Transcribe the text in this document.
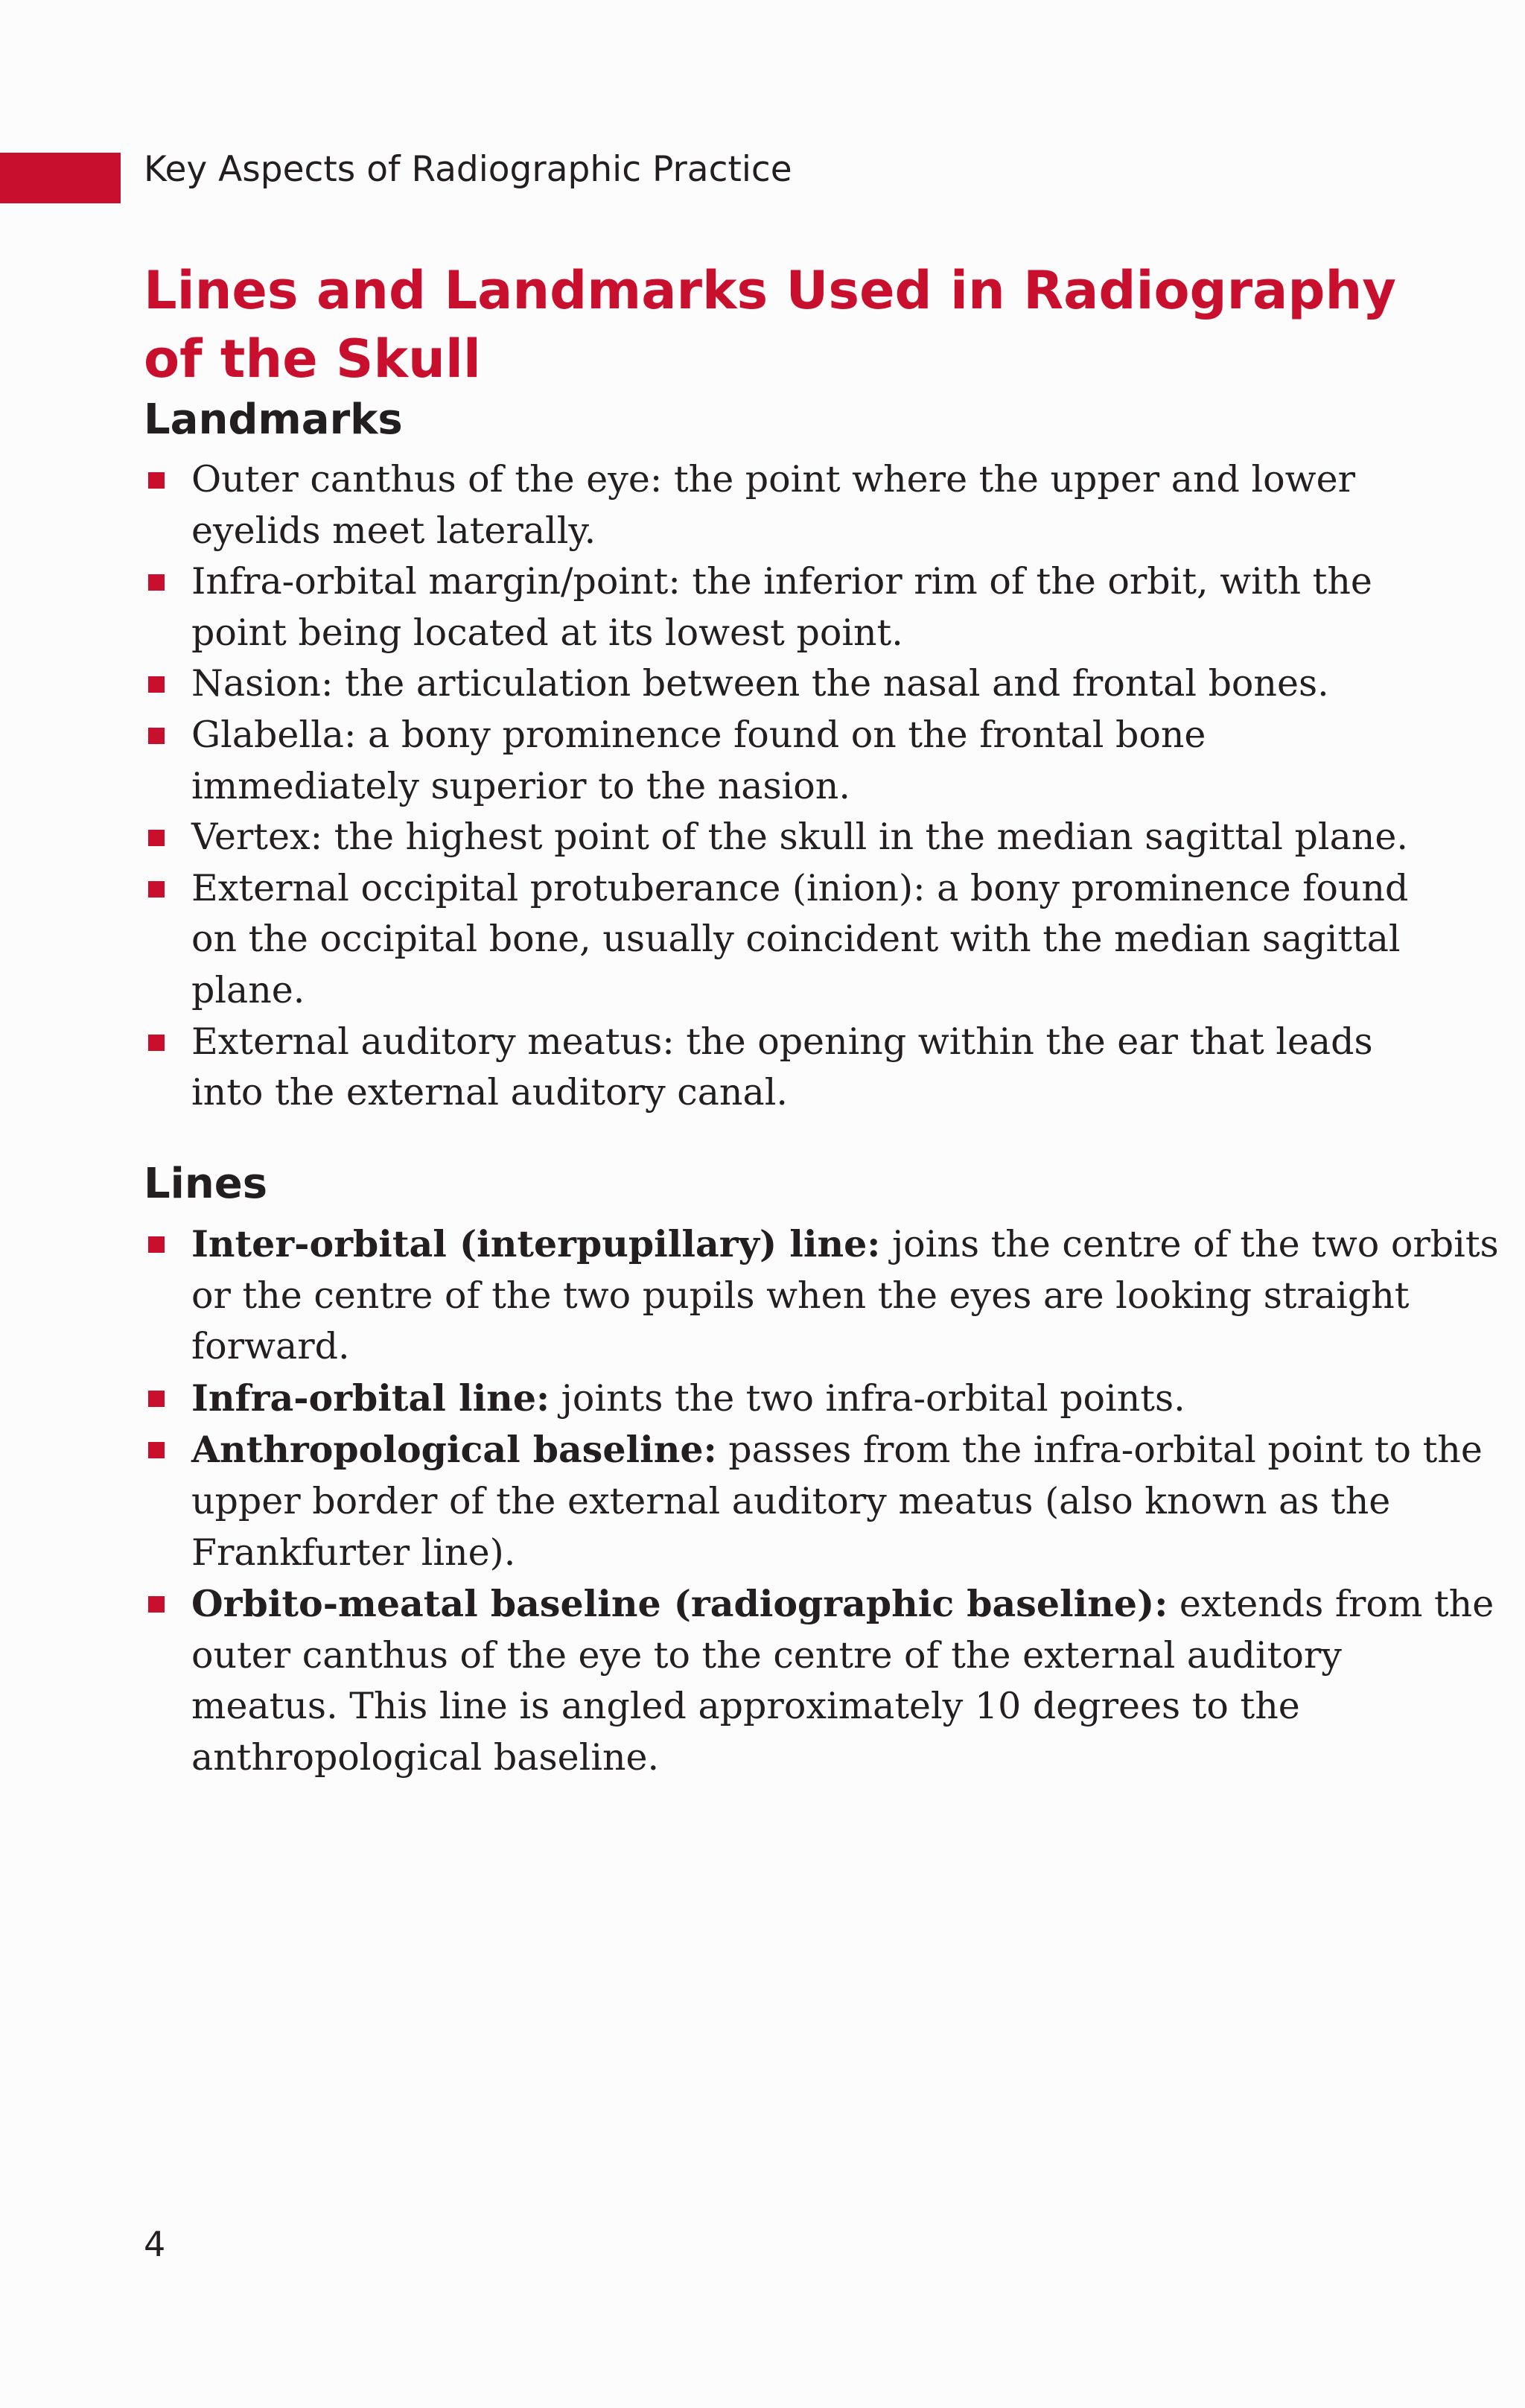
Key Aspects of Radiographic Practice
Lines and Landmarks Used in Radiography
of the Skull
Landmarks
Outer canthus of the eye: the point where the upper and lower
eyelids meet laterally.
Infra-orbital margin/point: the inferior rim of the orbit, with the
point being located at its lowest point.
Nasion: the articulation between the nasal and frontal bones.
Glabella: a bony prominence found on the frontal bone
immediately superior to the nasion.
Vertex: the highest point of the skull in the median sagittal plane.
External occipital protuberance (inion): a bony prominence found
on the occipital bone, usually coincident with the median sagittal
plane.
External auditory meatus: the opening within the ear that leads
into the external auditory canal.
Lines
Inter-orbital (interpupillary) line: joins the centre of the two orbits
or the centre of the two pupils when the eyes are looking straight
forward.
Infra-orbital line: joints the two infra-orbital points.
Anthropological baseline: passes from the infra-orbital point to the
upper border of the external auditory meatus (also known as the
Frankfurter line).
Orbito-meatal baseline (radiographic baseline): extends from the
outer canthus of the eye to the centre of the external auditory
meatus. This line is angled approximately 10 degrees to the
anthropological baseline.
4
